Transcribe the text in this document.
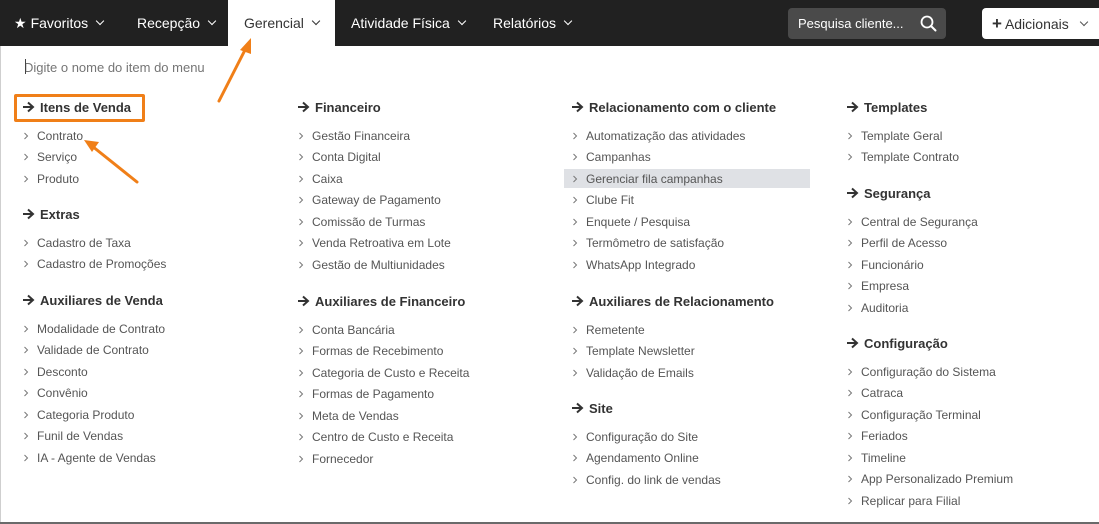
★ Favoritos	Recepção	Gerencial	Atividade Física	Relatórios	Pesquisa cliente...	+ Adicionais
Digite o nome do item do menu
Itens de Venda
Contrato
Serviço
Produto
Extras
Cadastro de Taxa
Cadastro de Promoções
Auxiliares de Venda
Modalidade de Contrato
Validade de Contrato
Desconto
Convênio
Categoria Produto
Funil de Vendas
IA - Agente de Vendas
Financeiro
Gestão Financeira
Conta Digital
Caixa
Gateway de Pagamento
Comissão de Turmas
Venda Retroativa em Lote
Gestão de Multiunidades
Auxiliares de Financeiro
Conta Bancária
Formas de Recebimento
Categoria de Custo e Receita
Formas de Pagamento
Meta de Vendas
Centro de Custo e Receita
Fornecedor
Relacionamento com o cliente
Automatização das atividades
Campanhas
Gerenciar fila campanhas
Clube Fit
Enquete / Pesquisa
Termômetro de satisfação
WhatsApp Integrado
Auxiliares de Relacionamento
Remetente
Template Newsletter
Validação de Emails
Site
Configuração do Site
Agendamento Online
Config. do link de vendas
Templates
Template Geral
Template Contrato
Segurança
Central de Segurança
Perfil de Acesso
Funcionário
Empresa
Auditoria
Configuração
Configuração do Sistema
Catraca
Configuração Terminal
Feriados
Timeline
App Personalizado Premium
Replicar para Filial
